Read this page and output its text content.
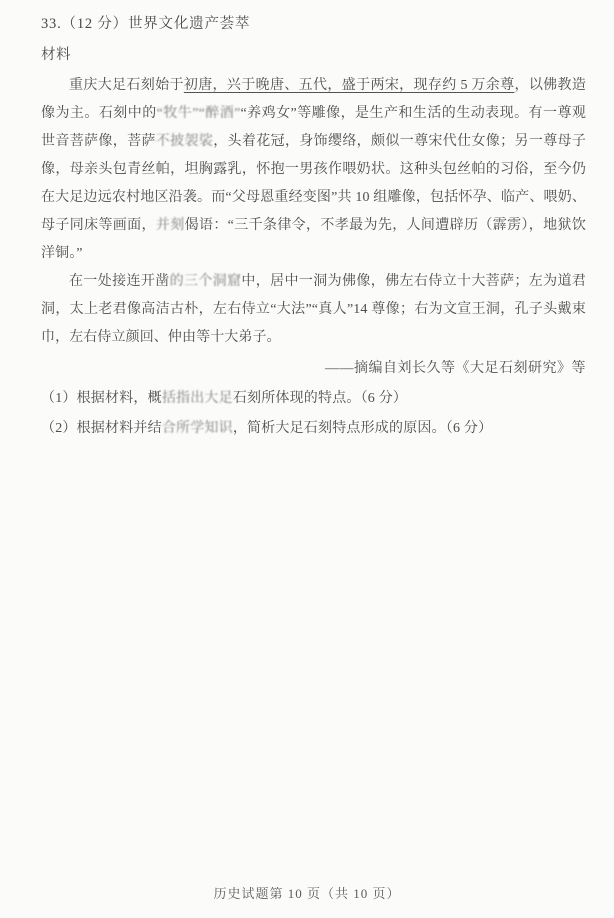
33.（12 分）世界文化遗产荟萃

材料

重庆大足石刻始于初唐，兴于晚唐、五代，盛于两宋，现存约 5 万余尊，以佛教造像为主。石刻中的“牧牛”“醉酒”“养鸡女”等雕像，是生产和生活的生动表现。有一尊观世音菩萨像，菩萨不披袈裟，头着花冠，身饰缨络，颇似一尊宋代仕女像；另一尊母子像，母亲头包青丝帕，坦胸露乳，怀抱一男孩作喂奶状。这种头包丝帕的习俗，至今仍在大足边远农村地区沿袭。而“父母恩重经变图”共 10 组雕像，包括怀孕、临产、喂奶、母子同床等画面，并刻偈语：“三千条律令，不孝最为先，人间遭辟历（霹雳），地狱饮洋铜。”

在一处接连开凿的三个洞窟中，居中一洞为佛像，佛左右侍立十大菩萨；左为道君洞，太上老君像高洁古朴，左右侍立“大法”“真人”14 尊像；右为文宣王洞，孔子头戴束巾，左右侍立颜回、仲由等十大弟子。

——摘编自刘长久等《大足石刻研究》等

（1）根据材料，概括指出大足石刻所体现的特点。（6 分）

（2）根据材料并结合所学知识，简析大足石刻特点形成的原因。（6 分）

历史试题第 10 页（共 10 页）
